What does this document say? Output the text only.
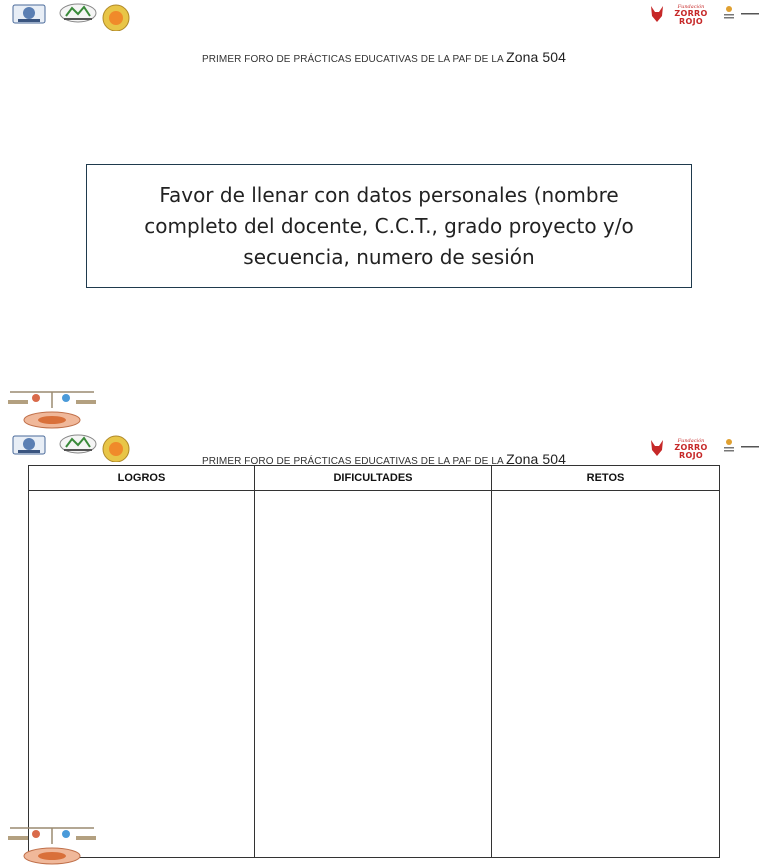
Fundación
ZORRO ROJO
PRIMER FORO DE PRÁCTICAS EDUCATIVAS DE LA PAF DE LA Zona 504
Favor de llenar con datos personales (nombre completo del docente, C.C.T., grado proyecto y/o secuencia, numero de sesión
Fundación
ZORRO ROJO
PRIMER FORO DE PRÁCTICAS EDUCATIVAS DE LA PAF DE LA Zona 504
LOGROS	DIFICULTADES	RETOS
